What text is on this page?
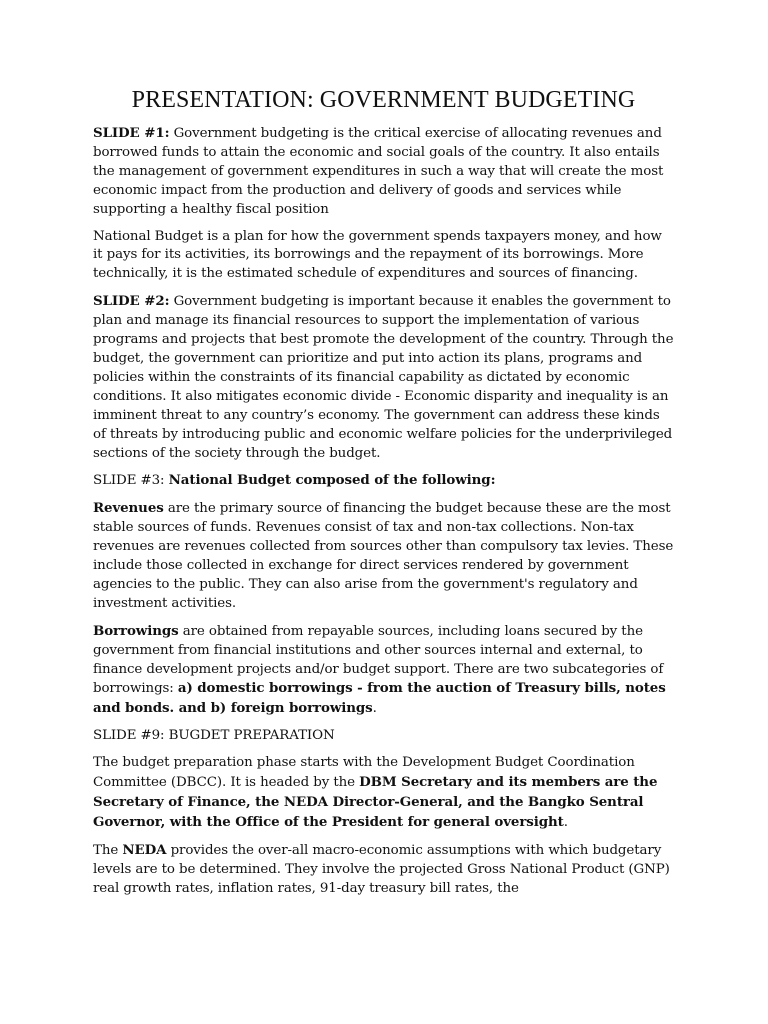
PRESENTATION: GOVERNMENT BUDGETING

SLIDE #1: Government budgeting is the critical exercise of allocating revenues and borrowed funds to attain the economic and social goals of the country. It also entails the management of government expenditures in such a way that will create the most economic impact from the production and delivery of goods and services while supporting a healthy fiscal position

National Budget is a plan for how the government spends taxpayers money, and how it pays for its activities, its borrowings and the repayment of its borrowings. More technically, it is the estimated schedule of expenditures and sources of financing.

SLIDE #2: Government budgeting is important because it enables the government to plan and manage its financial resources to support the implementation of various programs and projects that best promote the development of the country. Through the budget, the government can prioritize and put into action its plans, programs and policies within the constraints of its financial capability as dictated by economic conditions. It also mitigates economic divide - Economic disparity and inequality is an imminent threat to any country’s economy. The government can address these kinds of threats by introducing public and economic welfare policies for the underprivileged sections of the society through the budget.

SLIDE #3: National Budget composed of the following:

Revenues are the primary source of financing the budget because these are the most stable sources of funds. Revenues consist of tax and non-tax collections. Non-tax revenues are revenues collected from sources other than compulsory tax levies. These include those collected in exchange for direct services rendered by government agencies to the public. They can also arise from the government's regulatory and investment activities.

Borrowings are obtained from repayable sources, including loans secured by the government from financial institutions and other sources internal and external, to finance development projects and/or budget support. There are two subcategories of borrowings: a) domestic borrowings - from the auction of Treasury bills, notes and bonds. and b) foreign borrowings.

SLIDE #9: BUGDET PREPARATION

The budget preparation phase starts with the Development Budget Coordination Committee (DBCC). It is headed by the DBM Secretary and its members are the Secretary of Finance, the NEDA Director-General, and the Bangko Sentral Governor, with the Office of the President for general oversight.

The NEDA provides the over-all macro-economic assumptions with which budgetary levels are to be determined. They involve the projected Gross National Product (GNP) real growth rates, inflation rates, 91-day treasury bill rates, the
